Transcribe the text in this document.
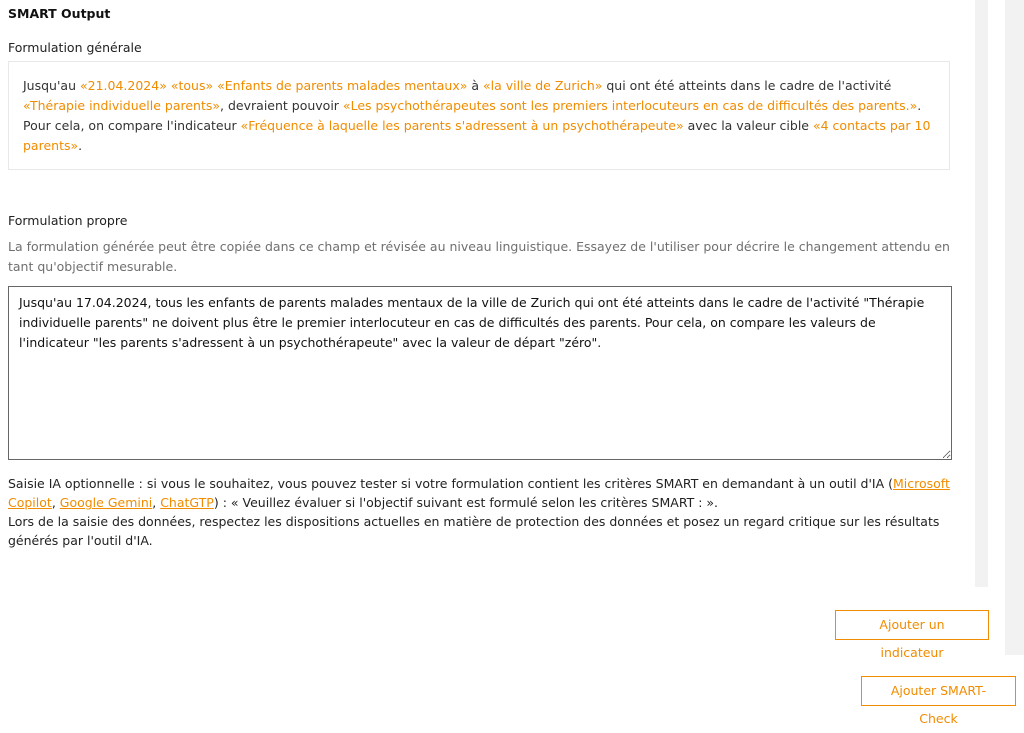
SMART Output
Formulation générale
Jusqu'au «21.04.2024» «tous» «Enfants de parents malades mentaux» à «la ville de Zurich» qui ont été atteints dans le cadre de l'activité «Thérapie individuelle parents», devraient pouvoir «Les psychothérapeutes sont les premiers interlocuteurs en cas de difficultés des parents.». Pour cela, on compare l'indicateur «Fréquence à laquelle les parents s'adressent à un psychothérapeute» avec la valeur cible «4 contacts par 10 parents».
Formulation propre
La formulation générée peut être copiée dans ce champ et révisée au niveau linguistique. Essayez de l'utiliser pour décrire le changement attendu en tant qu'objectif mesurable.
Jusqu'au 17.04.2024, tous les enfants de parents malades mentaux de la ville de Zurich qui ont été atteints dans le cadre de l'activité "Thérapie individuelle parents" ne doivent plus être le premier interlocuteur en cas de difficultés des parents. Pour cela, on compare les valeurs de l'indicateur "les parents s'adressent à un psychothérapeute" avec la valeur de départ "zéro".
Saisie IA optionnelle : si vous le souhaitez, vous pouvez tester si votre formulation contient les critères SMART en demandant à un outil d'IA (Microsoft Copilot, Google Gemini, ChatGTP) : « Veuillez évaluer si l'objectif suivant est formulé selon les critères SMART : ».
Lors de la saisie des données, respectez les dispositions actuelles en matière de protection des données et posez un regard critique sur les résultats générés par l'outil d'IA.
Ajouter un indicateur
Ajouter SMART-Check
